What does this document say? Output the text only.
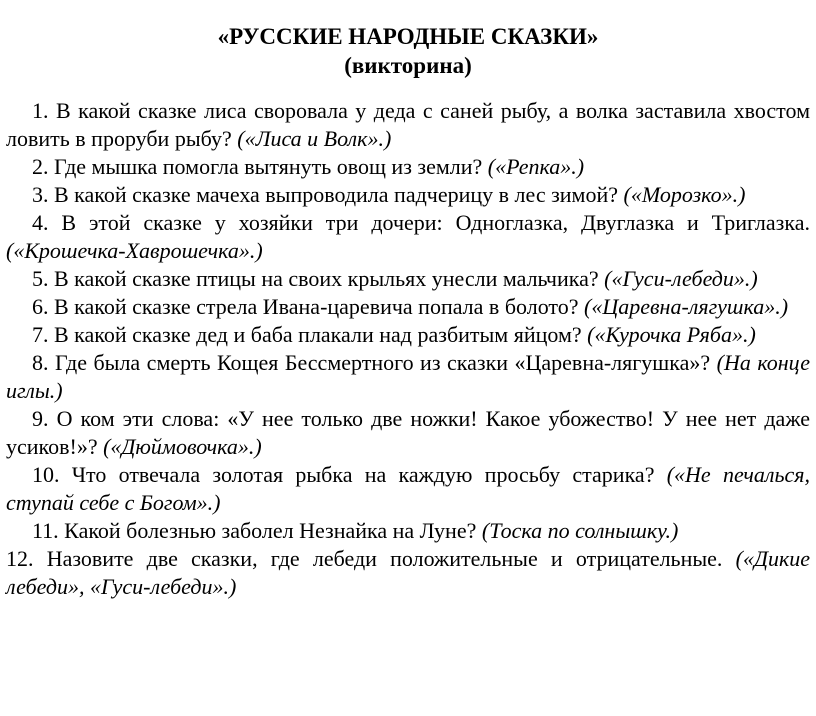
«РУССКИЕ НАРОДНЫЕ СКАЗКИ»

(викторина)

1. В какой сказке лиса своровала у деда с саней рыбу, а волка заставила хвостом ловить в проруби рыбу? («Лиса и Волк».)

2. Где мышка помогла вытянуть овощ из земли? («Репка».)

3. В какой сказке мачеха выпроводила падчерицу в лес зимой? («Морозко».)

4. В этой сказке у хозяйки три дочери: Одноглазка, Двуглазка и Триглазка. («Крошечка-Хаврошечка».)

5. В какой сказке птицы на своих крыльях унесли мальчика? («Гуси-лебеди».)

6. В какой сказке стрела Ивана-царевича попала в болото? («Царевна-лягушка».)

7. В какой сказке дед и баба плакали над разбитым яйцом? («Курочка Ряба».)

8. Где была смерть Кощея Бессмертного из сказки «Царевна-лягушка»? (На конце иглы.)

9. О ком эти слова: «У нее только две ножки! Какое убожество! У нее нет даже усиков!»? («Дюймовочка».)

10. Что отвечала золотая рыбка на каждую просьбу старика? («Не печалься, ступай себе с Богом».)

11. Какой болезнью заболел Незнайка на Луне? (Тоска по солнышку.)

12. Назовите две сказки, где лебеди положительные и отрицательные. («Дикие лебеди», «Гуси-лебеди».)
